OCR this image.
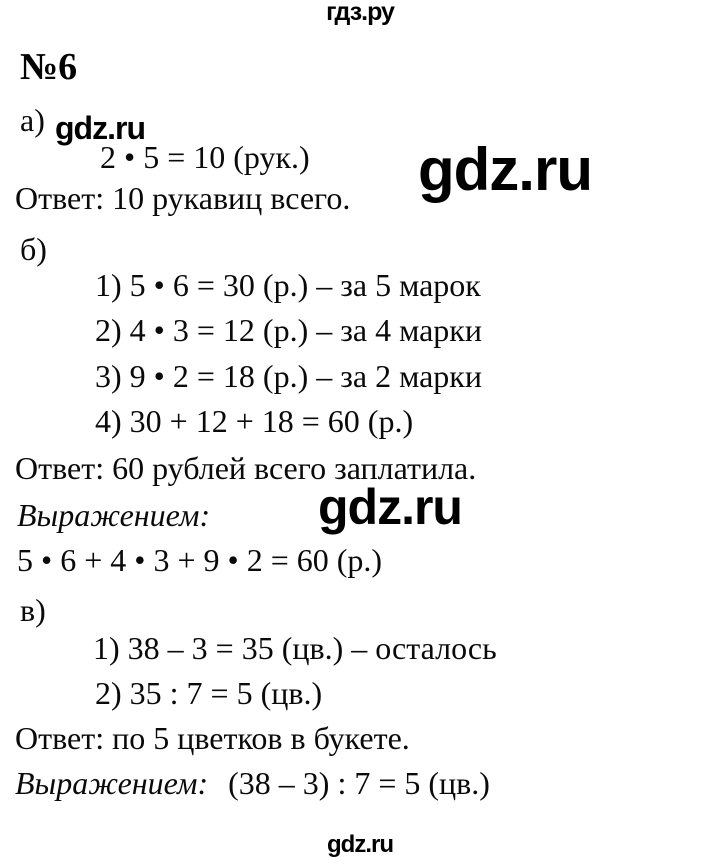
гдз.ру
№6
а) gdz.ru
2 • 5 = 10 (рук.) gdz.ru
Ответ: 10 рукавиц всего.
б)
1) 5 • 6 = 30 (р.) – за 5 марок
2) 4 • 3 = 12 (р.) – за 4 марки
3) 9 • 2 = 18 (р.) – за 2 марки
4) 30 + 12 + 18 = 60 (р.)
Ответ: 60 рублей всего заплатила.
Выражением: gdz.ru
5 • 6 + 4 • 3 + 9 • 2 = 60 (р.)
в)
1) 38 – 3 = 35 (цв.) – осталось
2) 35 : 7 = 5 (цв.)
Ответ: по 5 цветков в букете.
Выражением: (38 – 3) : 7 = 5 (цв.)
gdz.ru
